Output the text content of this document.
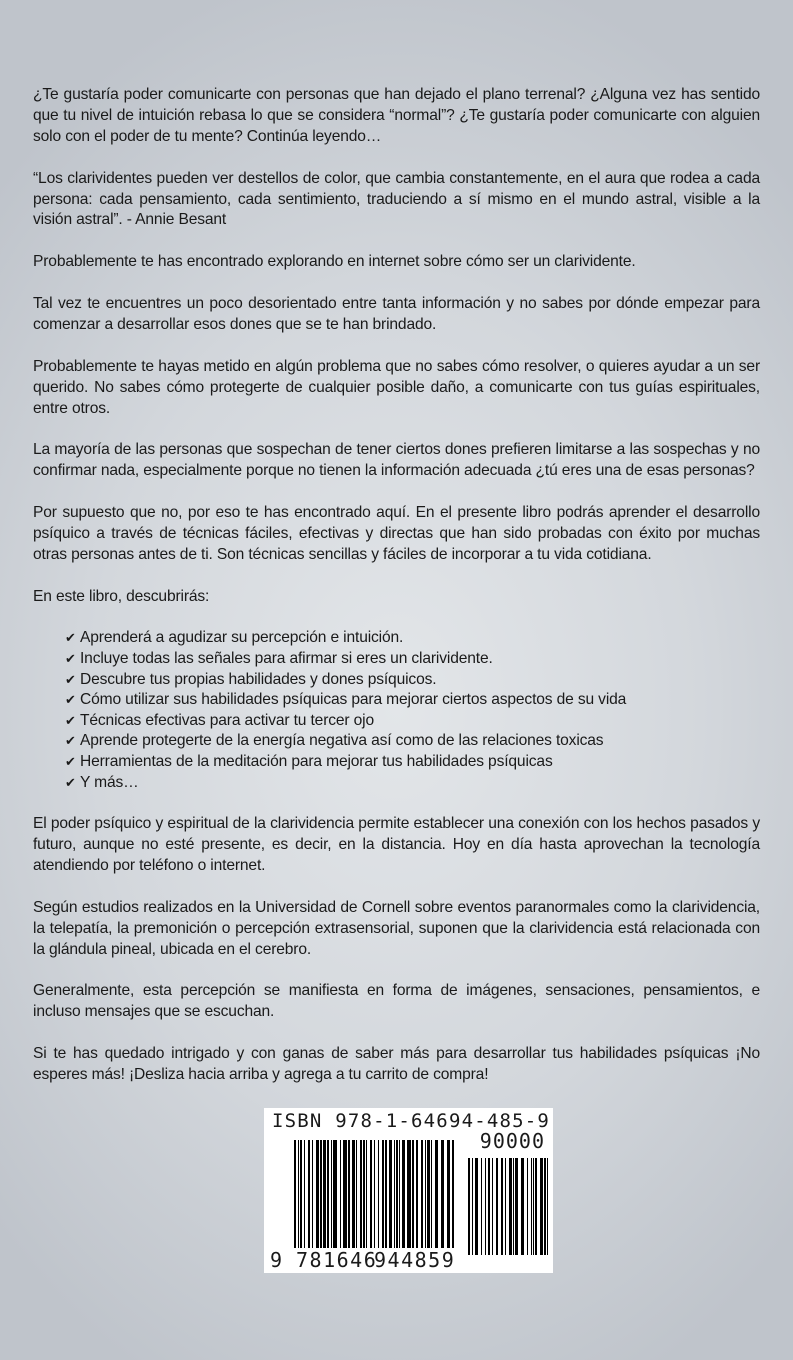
¿Te gustaría poder comunicarte con personas que han dejado el plano terrenal? ¿Alguna vez has sentido que tu nivel de intuición rebasa lo que se considera “normal”? ¿Te gustaría poder comunicarte con alguien solo con el poder de tu mente? Continúa leyendo…

“Los clarividentes pueden ver destellos de color, que cambia constantemente, en el aura que rodea a cada persona: cada pensamiento, cada sentimiento, traduciendo a sí mismo en el mundo astral, visible a la visión astral”. - Annie Besant

Probablemente te has encontrado explorando en internet sobre cómo ser un clarividente.

Tal vez te encuentres un poco desorientado entre tanta información y no sabes por dónde empezar para comenzar a desarrollar esos dones que se te han brindado.

Probablemente te hayas metido en algún problema que no sabes cómo resolver, o quieres ayudar a un ser querido. No sabes cómo protegerte de cualquier posible daño, a comunicarte con tus guías espirituales, entre otros.

La mayoría de las personas que sospechan de tener ciertos dones prefieren limitarse a las sospechas y no confirmar nada, especialmente porque no tienen la información adecuada ¿tú eres una de esas personas?

Por supuesto que no, por eso te has encontrado aquí. En el presente libro podrás aprender el desarrollo psíquico a través de técnicas fáciles, efectivas y directas que han sido probadas con éxito por muchas otras personas antes de ti. Son técnicas sencillas y fáciles de incorporar a tu vida cotidiana.

En este libro, descubrirás:

✔ Aprenderá a agudizar su percepción e intuición.
✔ Incluye todas las señales para afirmar si eres un clarividente.
✔ Descubre tus propias habilidades y dones psíquicos.
✔ Cómo utilizar sus habilidades psíquicas para mejorar ciertos aspectos de su vida
✔ Técnicas efectivas para activar tu tercer ojo
✔ Aprende protegerte de la energía negativa así como de las relaciones toxicas
✔ Herramientas de la meditación para mejorar tus habilidades psíquicas
✔ Y más…

El poder psíquico y espiritual de la clarividencia permite establecer una conexión con los hechos pasados y futuro, aunque no esté presente, es decir, en la distancia. Hoy en día hasta aprovechan la tecnología atendiendo por teléfono o internet.

Según estudios realizados en la Universidad de Cornell sobre eventos paranormales como la clarividencia, la telepatía, la premonición o percepción extrasensorial, suponen que la clarividencia está relacionada con la glándula pineal, ubicada en el cerebro.

Generalmente, esta percepción se manifiesta en forma de imágenes, sensaciones, pensamientos, e incluso mensajes que se escuchan.

Si te has quedado intrigado y con ganas de saber más para desarrollar tus habilidades psíquicas ¡No esperes más! ¡Desliza hacia arriba y agrega a tu carrito de compra!

ISBN 978-1-64694-485-9
90000
9 781646
944859
